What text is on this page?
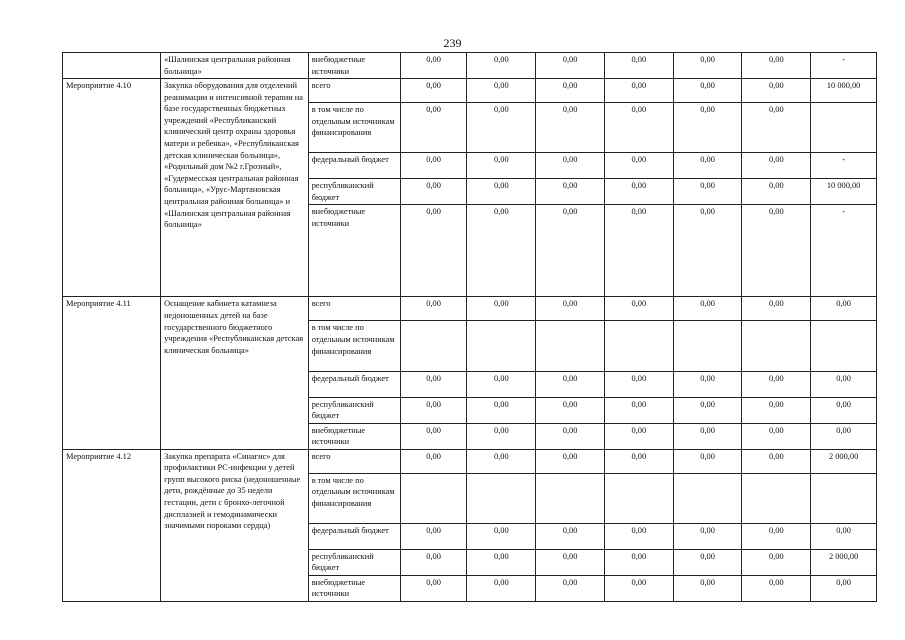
239
	«Шалинская центральная районная больница»	внебюджетные источники	0,00	0,00	0,00	0,00	0,00	0,00	-
Мероприятие 4.10	Закупка оборудования для отделений реанимации и интенсивной терапии на базе государственных бюджетных учреждений «Республиканский клинический центр охраны здоровья матери и ребенка», «Республиканская детская клиническая больница», «Родильный дом №2 г.Грозный», «Гудермесская центральная районная больница», «Урус-Мартановская центральная районная больница» и «Шалинская центральная районная больница»	всего	0,00	0,00	0,00	0,00	0,00	0,00	10 000,00
		в том числе по отдельным источникам финансирования	0,00	0,00	0,00	0,00	0,00	0,00	
		федеральный бюджет	0,00	0,00	0,00	0,00	0,00	0,00	-
		республиканский бюджет	0,00	0,00	0,00	0,00	0,00	0,00	10 000,00
		внебюджетные источники	0,00	0,00	0,00	0,00	0,00	0,00	-
Мероприятие 4.11	Оснащение кабинета катамнеза недоношенных детей на базе государственного бюджетного учреждения «Республиканская детская клиническая больница»	всего	0,00	0,00	0,00	0,00	0,00	0,00	0,00
		в том числе по отдельным источникам финансирования							
		федеральный бюджет	0,00	0,00	0,00	0,00	0,00	0,00	0,00
		республиканский бюджет	0,00	0,00	0,00	0,00	0,00	0,00	0,00
		внебюджетные источники	0,00	0,00	0,00	0,00	0,00	0,00	0,00
Мероприятие 4.12	Закупка препарата «Синагис» для профилактики РС-инфекции у детей групп высокого риска (недоношенные дети, рождённые до 35 недели гестации, дети с бронхо-легочной дисплазией и гемодинамически значимыми пороками сердца)	всего	0,00	0,00	0,00	0,00	0,00	0,00	2 000,00
		в том числе по отдельным источникам финансирования							
		федеральный бюджет	0,00	0,00	0,00	0,00	0,00	0,00	0,00
		республиканский бюджет	0,00	0,00	0,00	0,00	0,00	0,00	2 000,00
		внебюджетные источники	0,00	0,00	0,00	0,00	0,00	0,00	0,00
